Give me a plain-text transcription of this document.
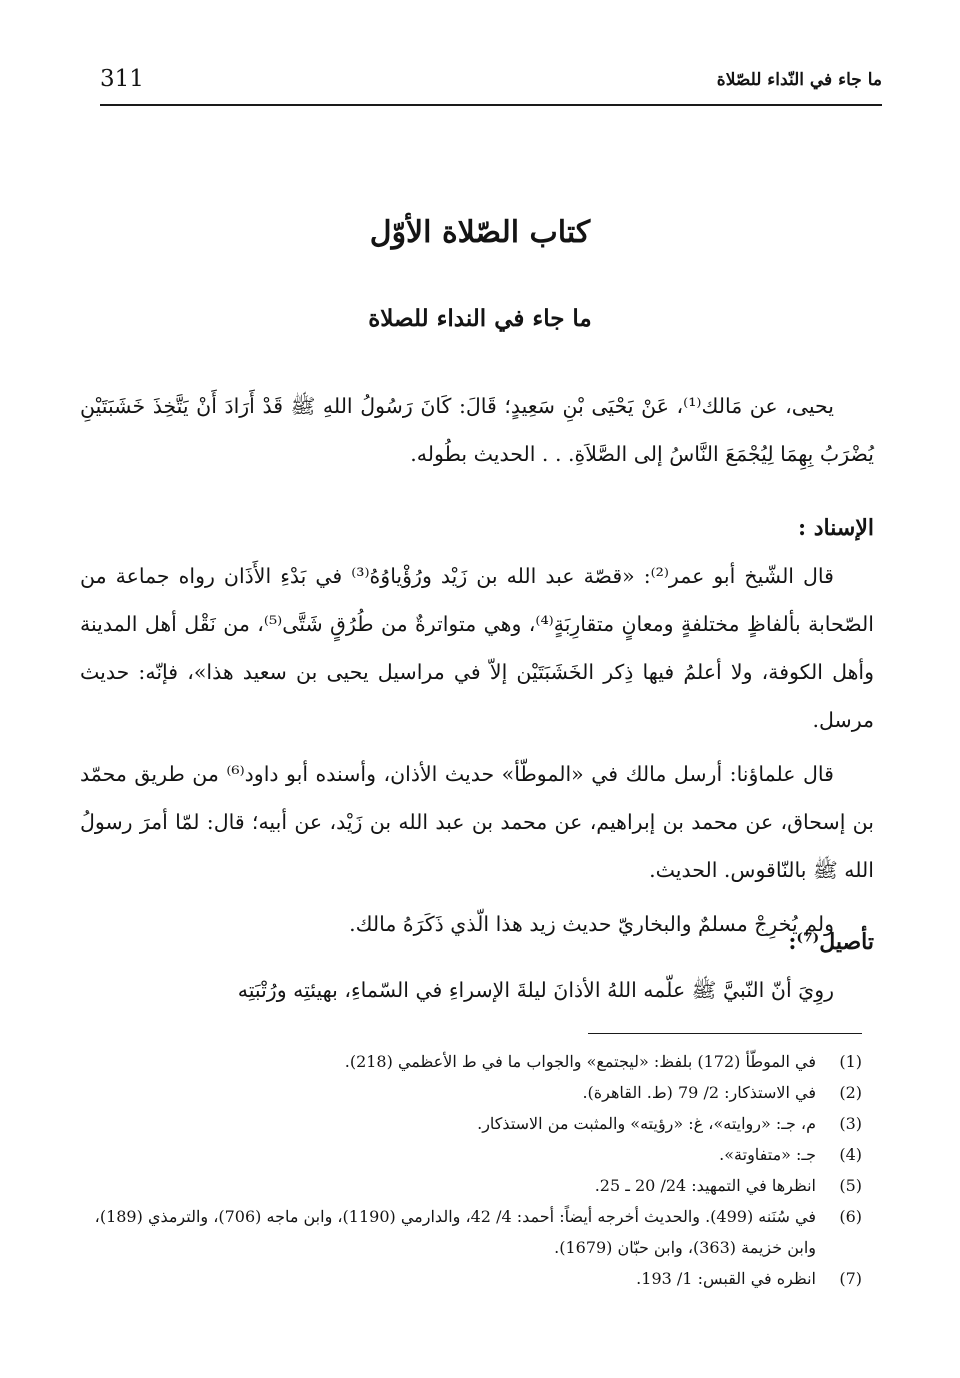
311	ما جاء في النّداء للصّلاة
كتاب الصّلاة الأوّل
ما جاء في النداء للصلاة

يحيى، عن مَالك⁽¹⁾، عَنْ يَحْيَى بْنِ سَعِيدٍ؛ قَالَ: كَانَ رَسُولُ اللهِ ﷺ قَدْ أَرَادَ أَنْ يَتَّخِذَ خَشَبَتَيْنِ يُضْرَبُ بِهِمَا لِيُجْمَعَ النَّاسُ إلى الصَّلاَةِ. . . الحديث بطُوله.

الإسناد :

قال الشّيخ أبو عمر⁽²⁾: «قصّة عبد الله بن زَيْد ورُؤْياوُهُ⁽³⁾ في بَدْءِ الأَذَان رواه جماعة من الصّحابة بألفاظٍ مختلفةٍ ومعانٍ متقارِبَةٍ⁽⁴⁾، وهي متواترةٌ من طُرُقٍ شَتَّى⁽⁵⁾، من نَقْل أهل المدينة وأهل الكوفة، ولا أعلمُ فيها ذِكر الخَشَبَتَيْن إلاّ في مراسيل يحيى بن سعيد هذا»، فإنّه: حديث مرسل.

قال علماؤنا: أرسل مالك في «الموطّأ» حديث الأذان، وأسنده أبو داود⁽⁶⁾ من طريق محمّد بن إسحاق، عن محمد بن إبراهيم، عن محمد بن عبد الله بن زَيْد، عن أبيه؛ قال: لمّا أمرَ رسولُ الله ﷺ بالنّاقوس. الحديث.

ولم يُخرِجْ مسلمٌ والبخاريّ حديث زيد هذا الّذي ذَكَرَهُ مالك.

تأصيل⁽⁷⁾:

روِيَ أنّ النّبيَّ ﷺ علّمه اللهُ الأذانَ ليلةَ الإسراءِ في السّماءِ، بهيئتِه ورُتْبَتِه

(1)
في الموطّأ (172) بلفظ: «ليجتمع» والجواب ما في ط الأعظمي (218).
(2)
في الاستذكار: 2/ 79 (ط. القاهرة).
(3)
م، جـ: «روايته»، غ: «رؤيته» والمثبت من الاستذكار.
(4)
جـ: «متفاوتة».
(5)
انظرها في التمهيد: 24/ 20 ـ 25.
(6)
في سُنَنه (499). والحديث أخرجه أيضاً: أحمد: 4/ 42، والدارمي (1190)، وابن ماجه (706)، والترمذي (189)، وابن خزيمة (363)، وابن حبّان (1679).
(7)
انظره في القبس: 1/ 193.
